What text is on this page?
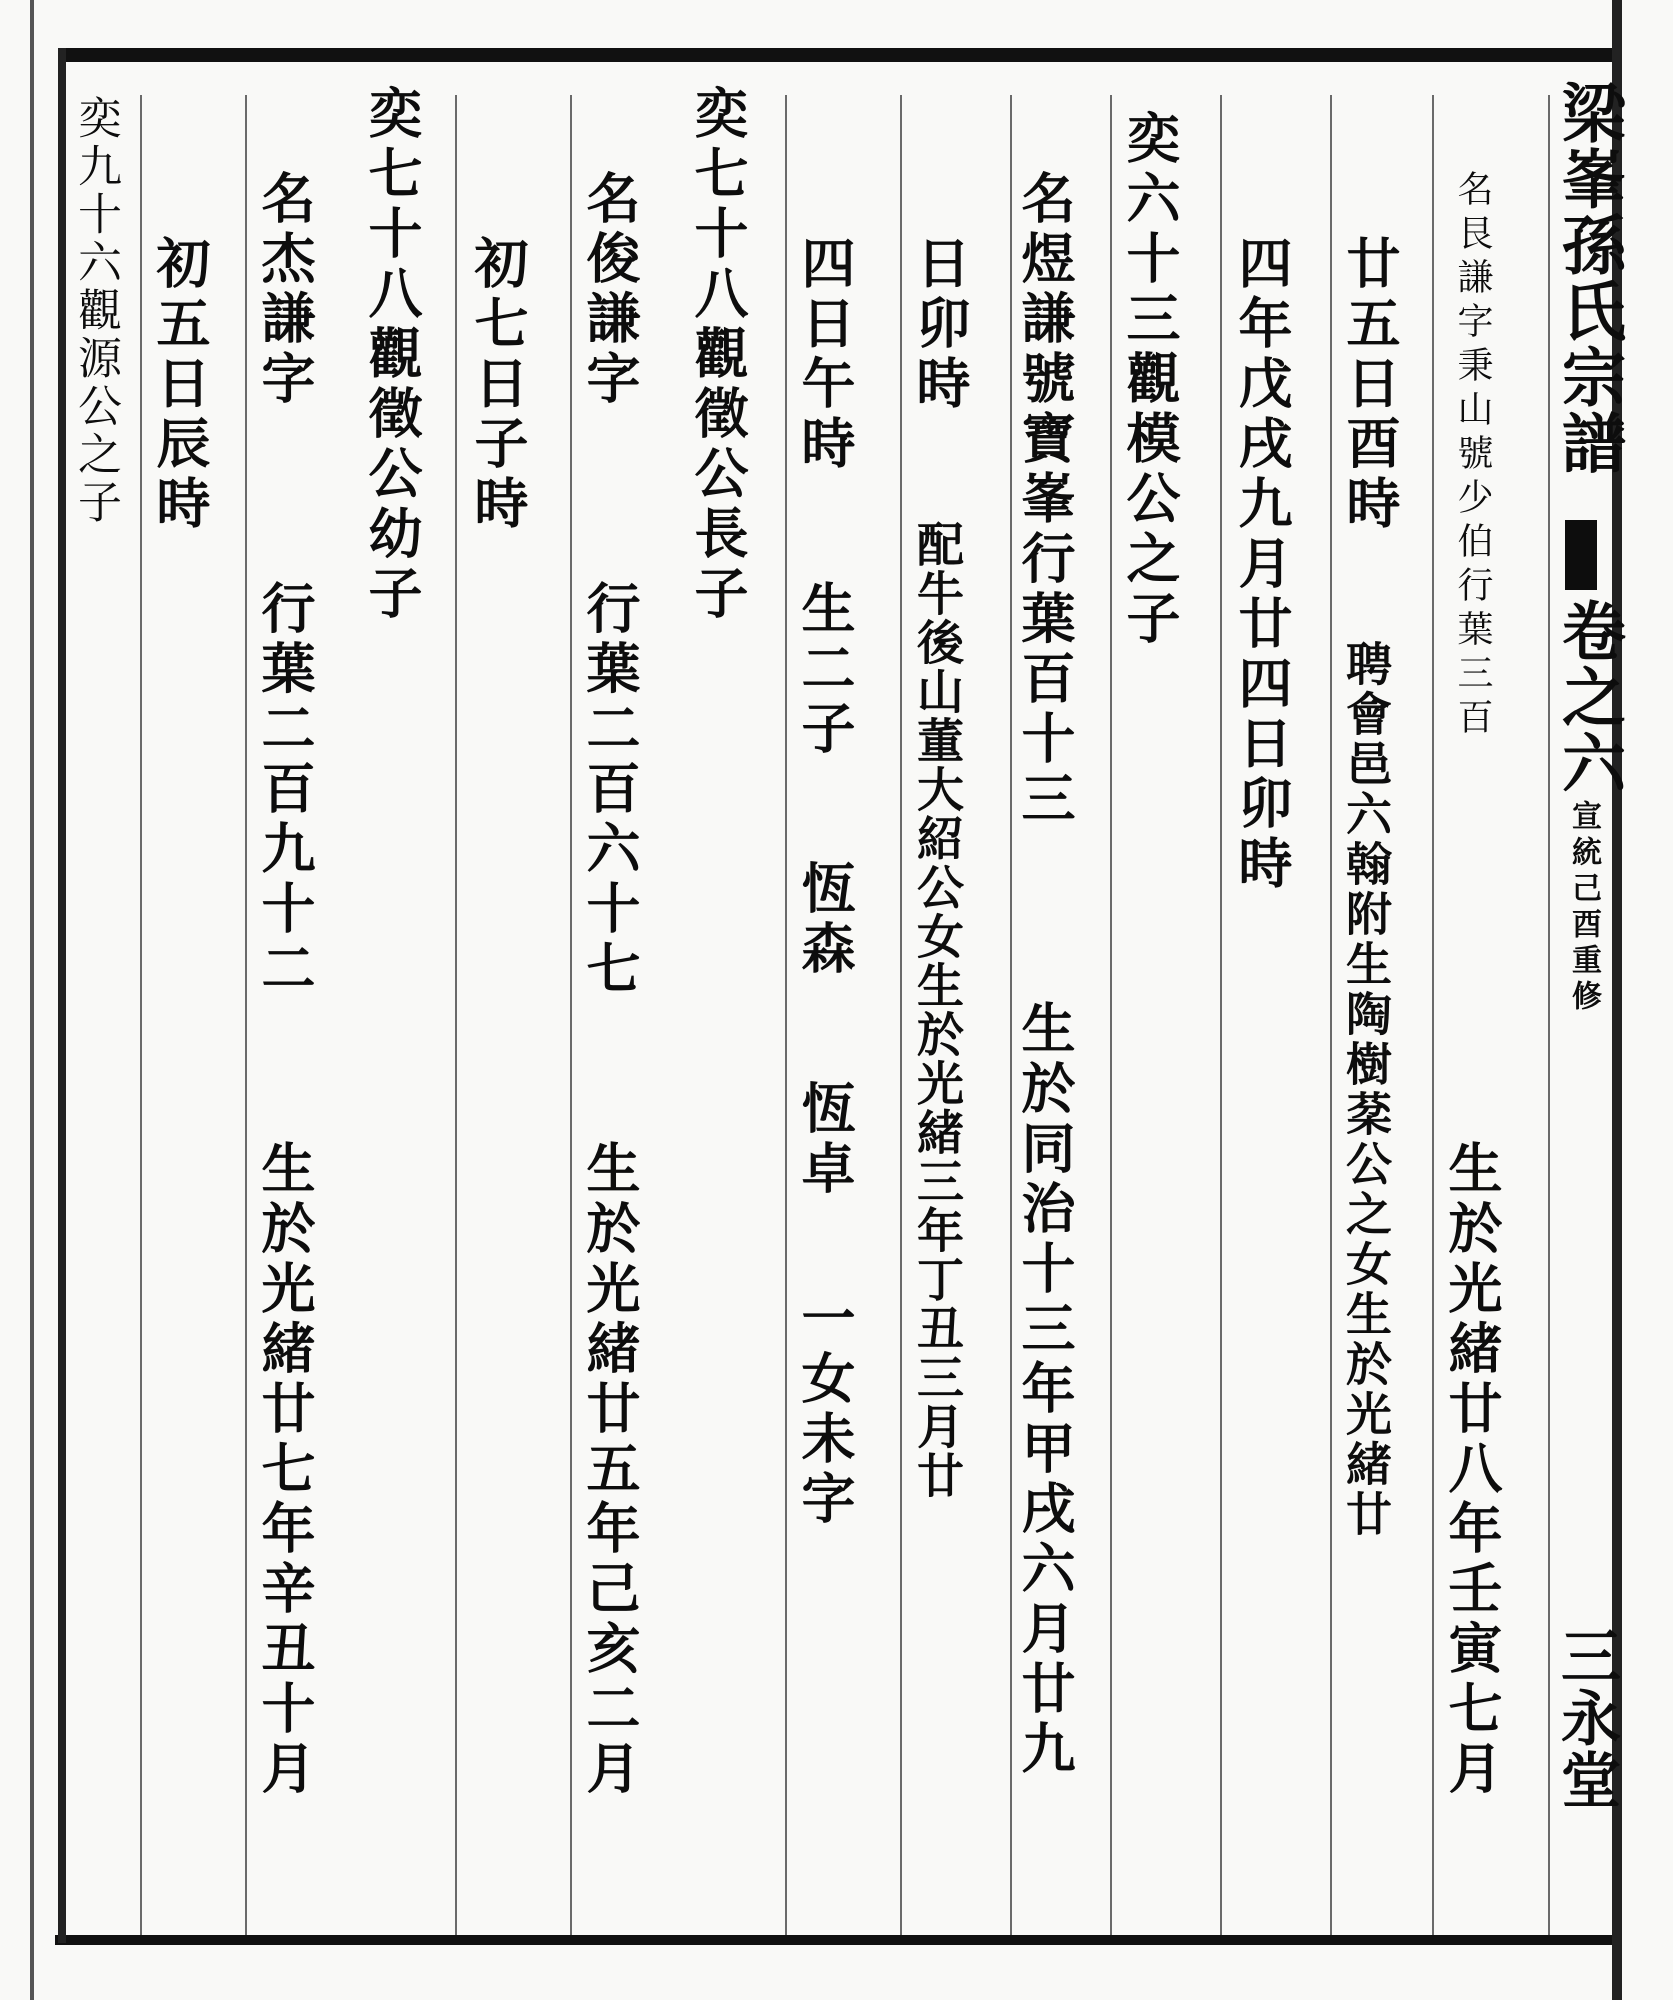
梁峯孫氏宗譜
卷之六
宣統己酉重修
三永堂
名艮謙字秉山號少伯行葉三百
生於光緒廿八年壬寅七月
廿五日酉時
聘會邑六翰附生陶樹棻公之女生於光緒廿
四年戊戌九月廿四日卯時
奕六十三觀模公之子
名煜謙號寶峯行葉百十三
生於同治十三年甲戌六月廿九
日卯時
配牛後山董大紹公女生於光緒三年丁丑三月廿
四日午時
生二子
恆森
恆卓
一女未字
奕七十八觀徵公長子
名俊謙字
行葉二百六十七
生於光緒廿五年己亥二月
初七日子時
奕七十八觀徵公幼子
名杰謙字
行葉二百九十二
生於光緒廿七年辛丑十月
初五日辰時
奕九十六觀源公之子
